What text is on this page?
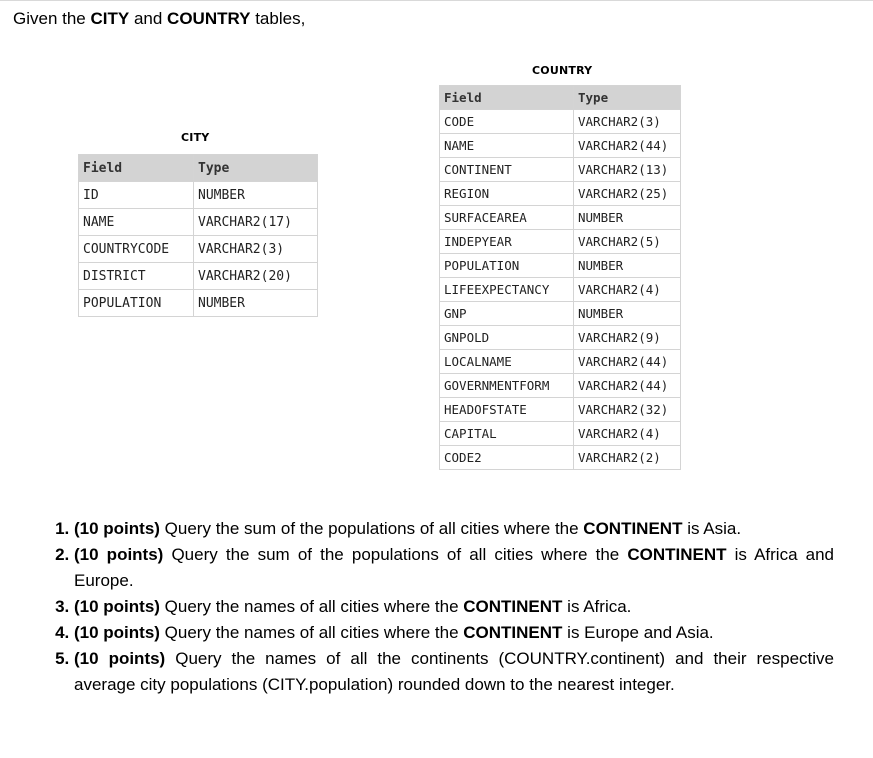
Given the CITY and COUNTRY tables,
CITY
Field	Type
ID	NUMBER
NAME	VARCHAR2(17)
COUNTRYCODE	VARCHAR2(3)
DISTRICT	VARCHAR2(20)
POPULATION	NUMBER
COUNTRY
Field	Type
CODE	VARCHAR2(3)
NAME	VARCHAR2(44)
CONTINENT	VARCHAR2(13)
REGION	VARCHAR2(25)
SURFACEAREA	NUMBER
INDEPYEAR	VARCHAR2(5)
POPULATION	NUMBER
LIFEEXPECTANCY	VARCHAR2(4)
GNP	NUMBER
GNPOLD	VARCHAR2(9)
LOCALNAME	VARCHAR2(44)
GOVERNMENTFORM	VARCHAR2(44)
HEADOFSTATE	VARCHAR2(32)
CAPITAL	VARCHAR2(4)
CODE2	VARCHAR2(2)
1. (10 points) Query the sum of the populations of all cities where the CONTINENT is Asia.
2. (10 points) Query the sum of the populations of all cities where the CONTINENT is Africa and Europe.
3. (10 points) Query the names of all cities where the CONTINENT is Africa.
4. (10 points) Query the names of all cities where the CONTINENT is Europe and Asia.
5. (10 points) Query the names of all the continents (COUNTRY.continent) and their respective average city populations (CITY.population) rounded down to the nearest integer.
